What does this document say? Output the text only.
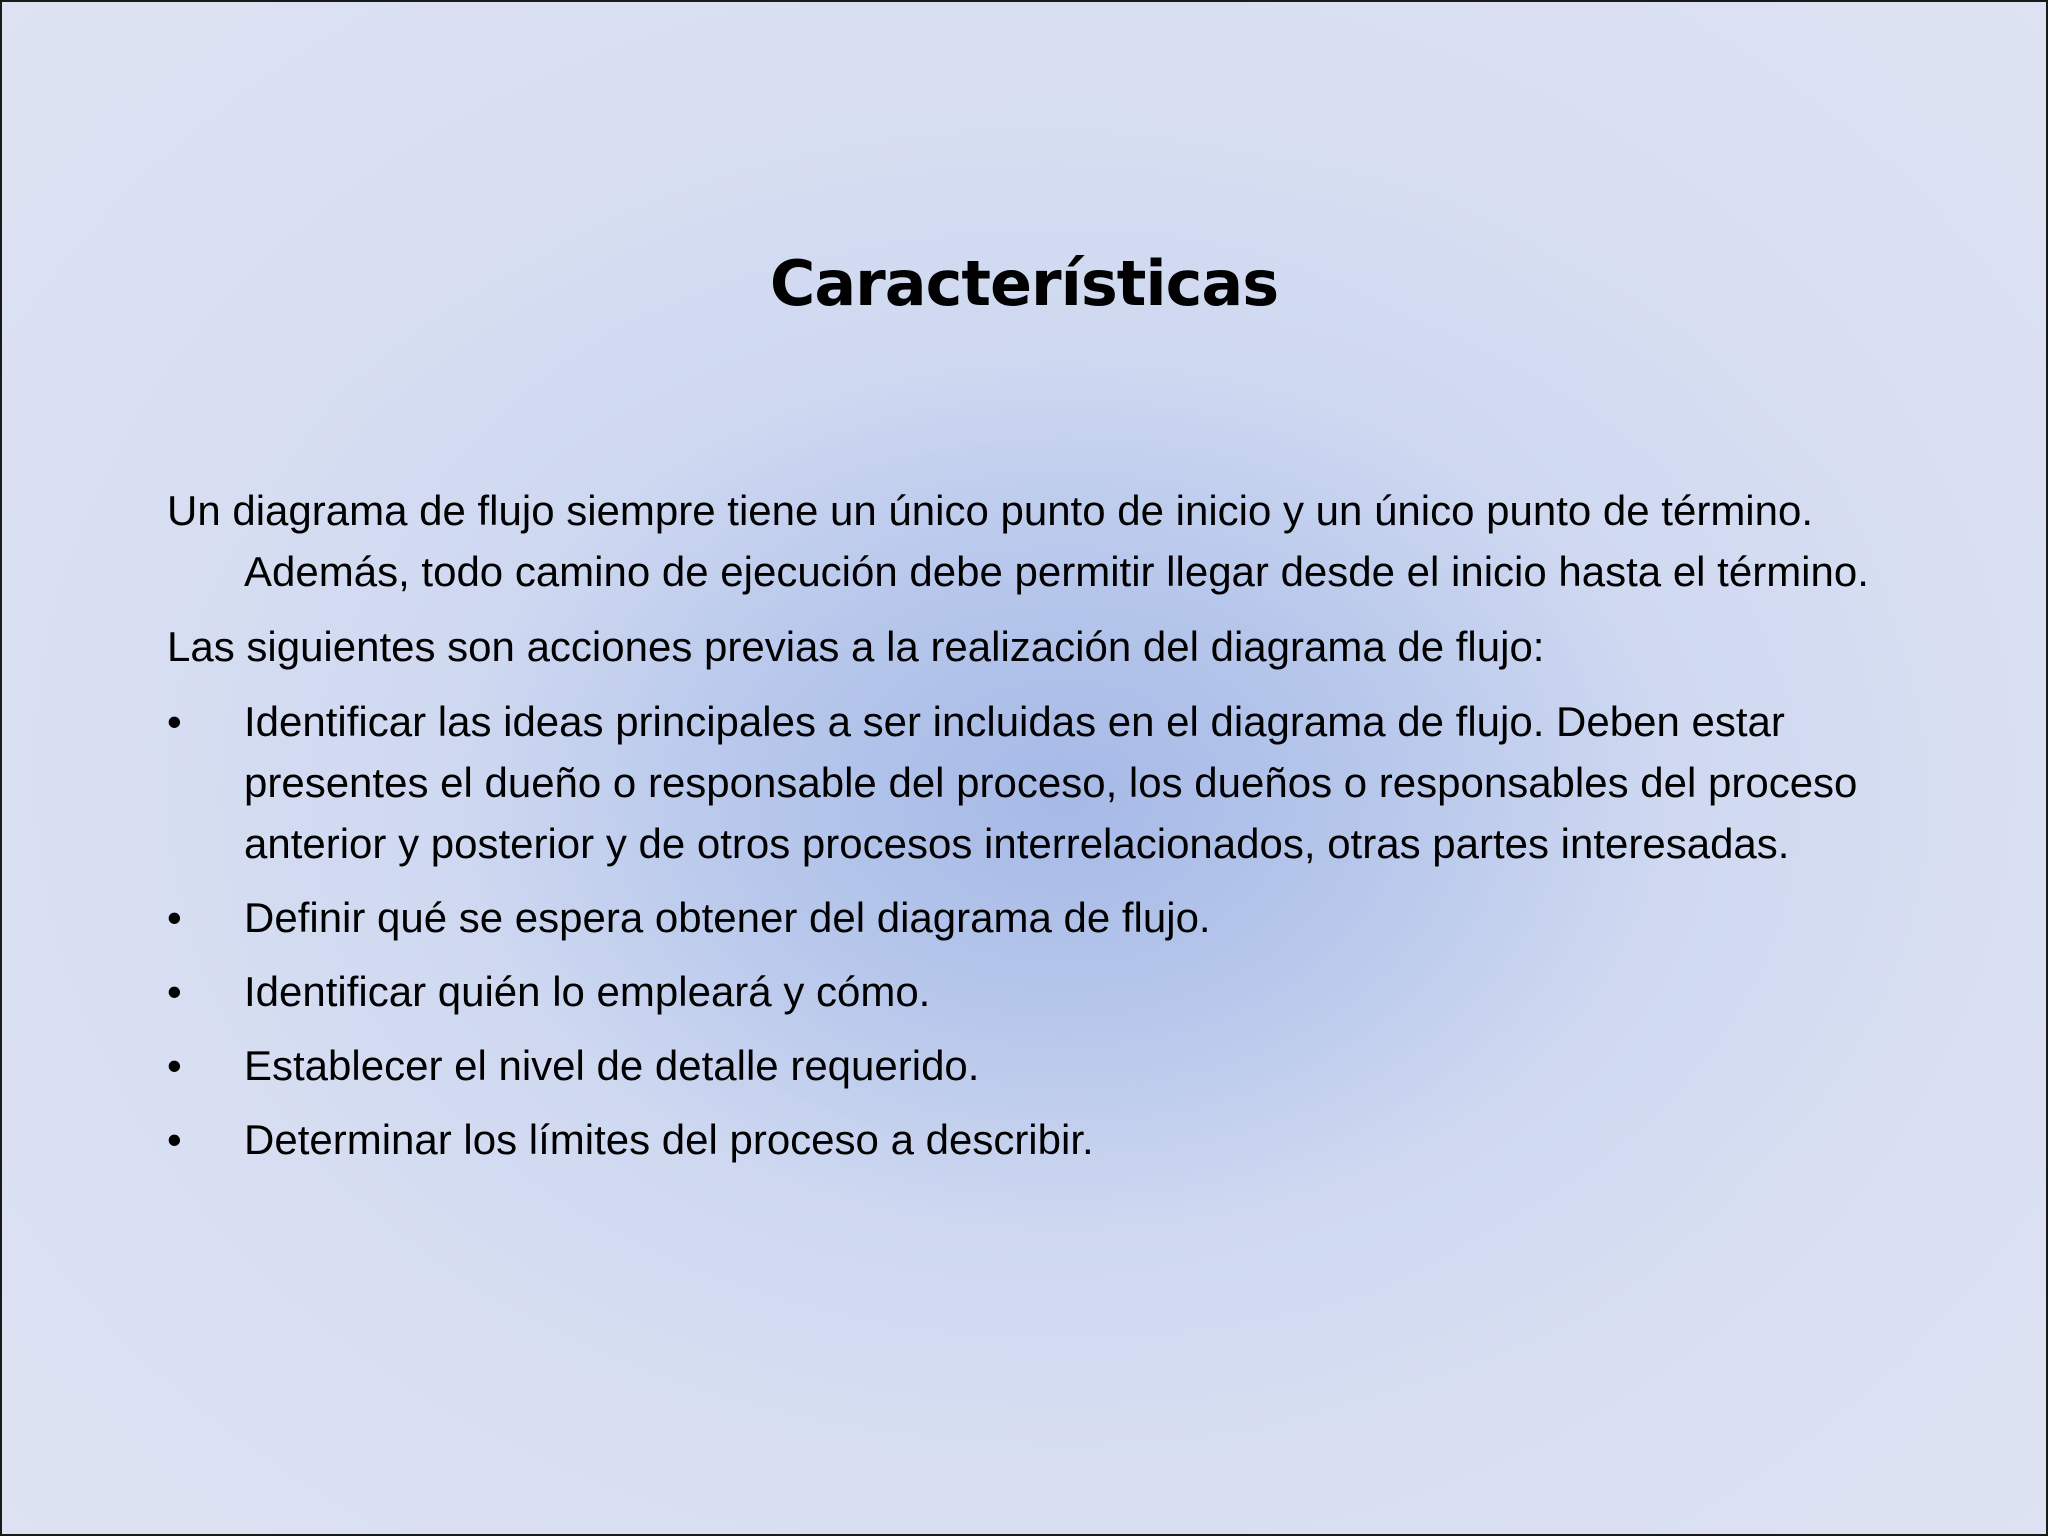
Características

Un diagrama de flujo siempre tiene un único punto de inicio y un único punto de término. Además, todo camino de ejecución debe permitir llegar desde el inicio hasta el término.

Las siguientes son acciones previas a la realización del diagrama de flujo:

•	Identificar las ideas principales a ser incluidas en el diagrama de flujo. Deben estar presentes el dueño o responsable del proceso, los dueños o responsables del proceso anterior y posterior y de otros procesos interrelacionados, otras partes interesadas.
•	Definir qué se espera obtener del diagrama de flujo.
•	Identificar quién lo empleará y cómo.
•	Establecer el nivel de detalle requerido.
•	Determinar los límites del proceso a describir.
